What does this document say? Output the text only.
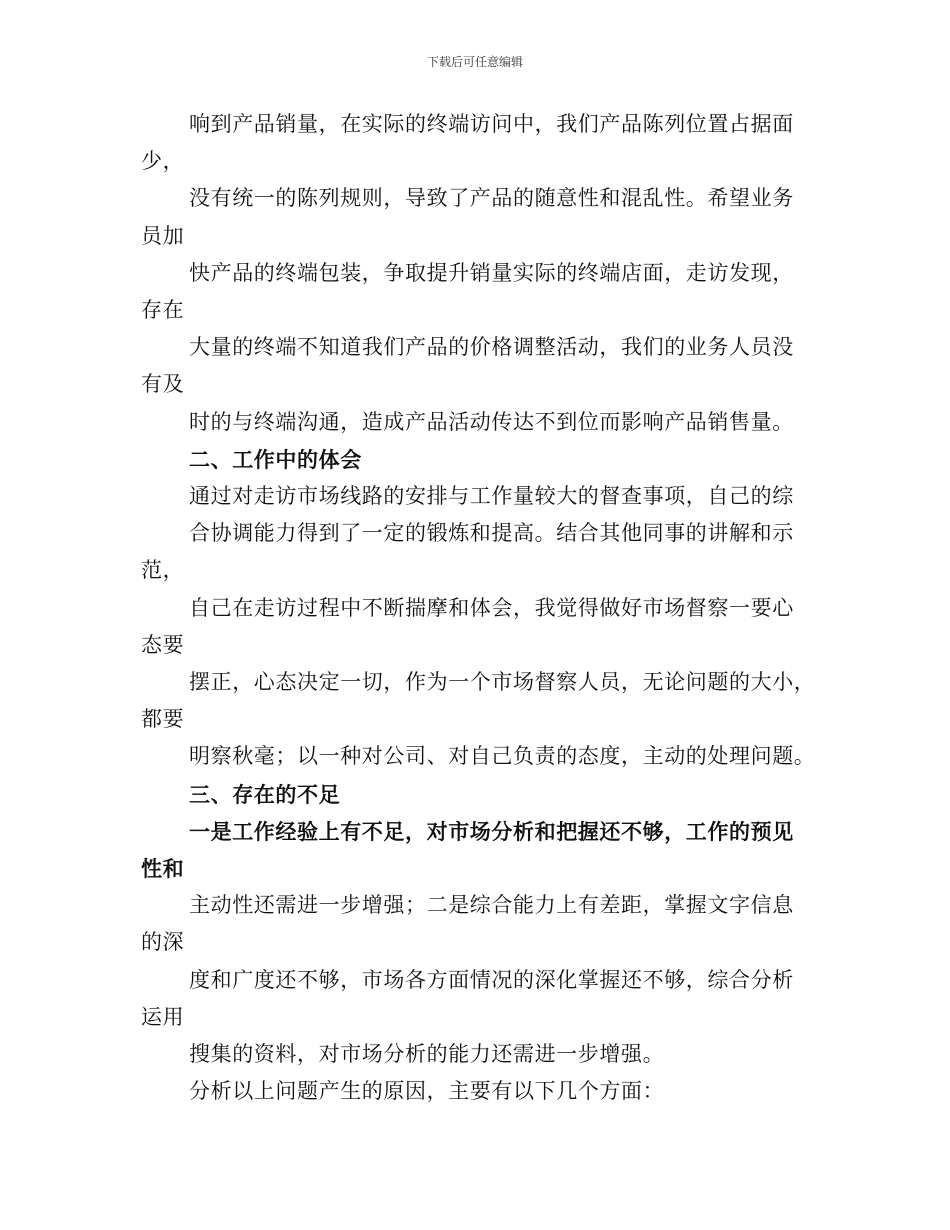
下载后可任意编辑
响到产品销量，在实际的终端访问中，我们产品陈列位置占据面
少，
没有统一的陈列规则，导致了产品的随意性和混乱性。希望业务
员加
快产品的终端包装，争取提升销量实际的终端店面，走访发现，
存在
大量的终端不知道我们产品的价格调整活动，我们的业务人员没
有及
时的与终端沟通，造成产品活动传达不到位而影响产品销售量。
二、工作中的体会
通过对走访市场线路的安排与工作量较大的督查事项，自己的综
合协调能力得到了一定的锻炼和提高。结合其他同事的讲解和示
范，
自己在走访过程中不断揣摩和体会，我觉得做好市场督察一要心
态要
摆正，心态决定一切，作为一个市场督察人员，无论问题的大小，
都要
明察秋毫；以一种对公司、对自己负责的态度，主动的处理问题。
三、存在的不足
一是工作经验上有不足，对市场分析和把握还不够，工作的预见
性和
主动性还需进一步增强；二是综合能力上有差距，掌握文字信息
的深
度和广度还不够，市场各方面情况的深化掌握还不够，综合分析
运用
搜集的资料，对市场分析的能力还需进一步增强。
分析以上问题产生的原因，主要有以下几个方面：
